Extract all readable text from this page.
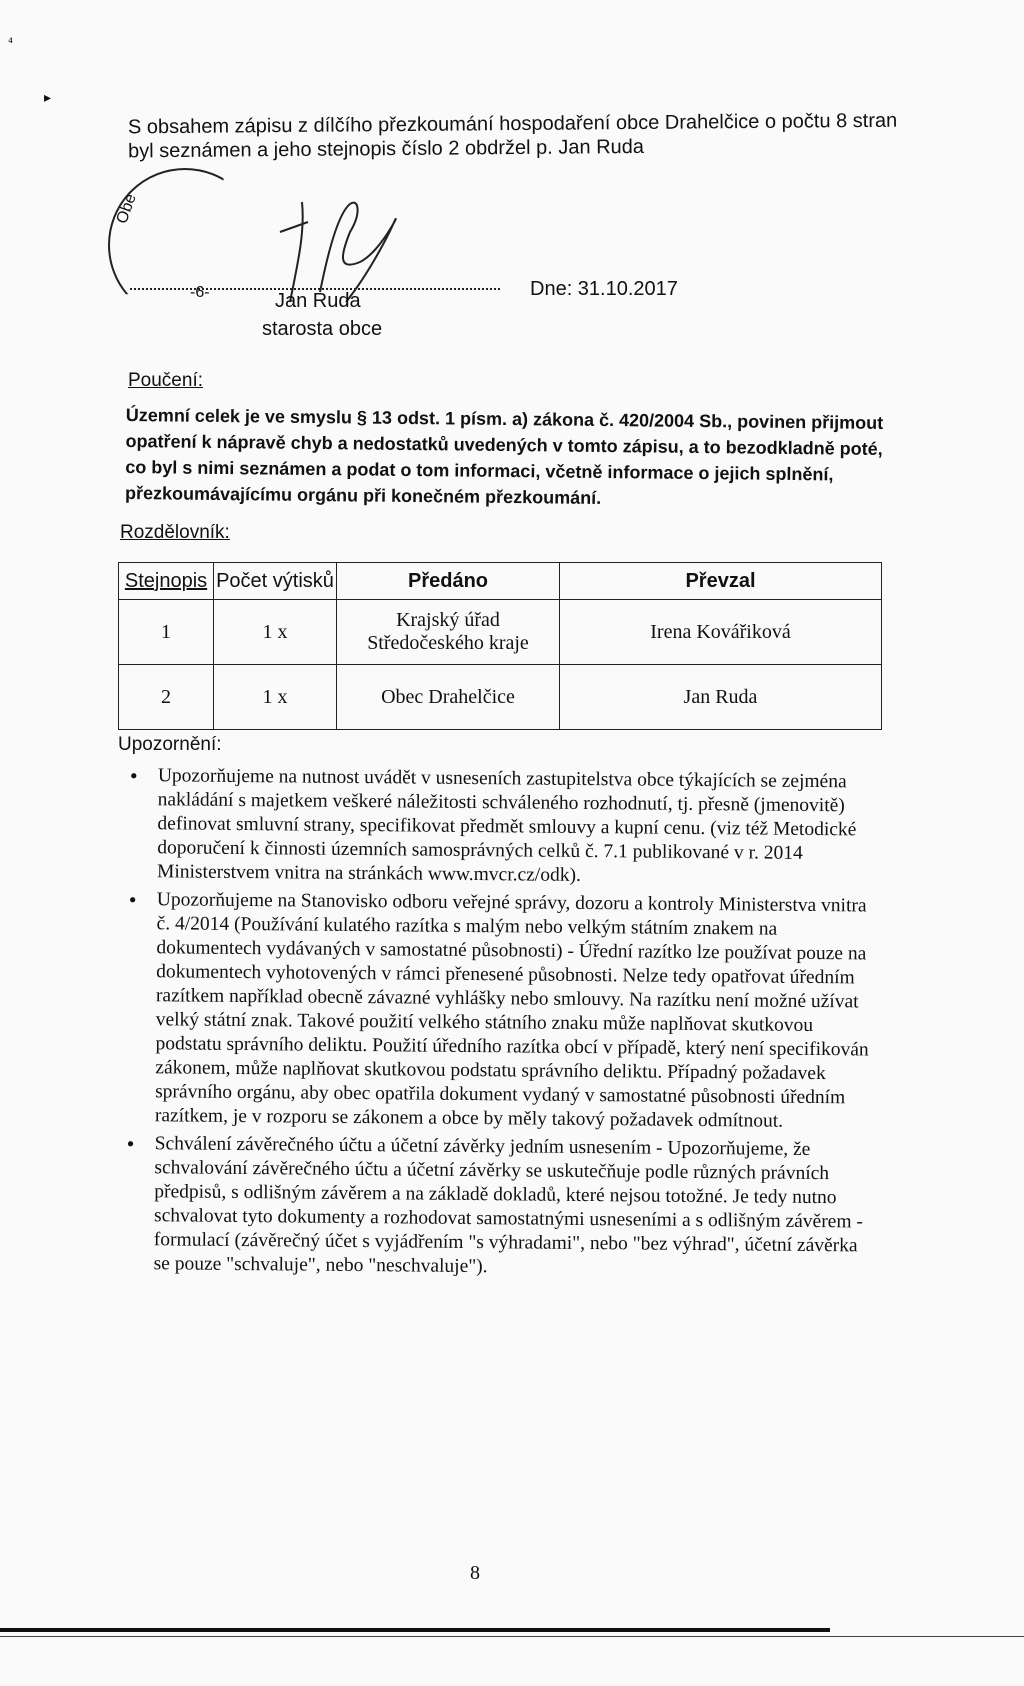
⁴
▸
S obsahem zápisu z dílčího přezkoumání hospodaření obce Drahelčice o počtu 8 stran byl seznámen a jeho stejnopis číslo 2 obdržel p. Jan Ruda
Obe
-6-	Jan Ruda
starosta obce
Dne: 31.10.2017
Poučení:
Územní celek je ve smyslu § 13 odst. 1 písm. a) zákona č. 420/2004 Sb., povinen přijmout opatření k nápravě chyb a nedostatků uvedených v tomto zápisu, a to bezodkladně poté, co byl s nimi seznámen a podat o tom informaci, včetně informace o jejich splnění, přezkoumávajícímu orgánu při konečném přezkoumání.
Rozdělovník:
Stejnopis	Počet výtisků	Předáno	Převzal
1	1 x	Krajský úřad Středočeského kraje	Irena Kovářiková
2	1 x	Obec Drahelčice	Jan Ruda
Upozornění:
• Upozorňujeme na nutnost uvádět v usneseních zastupitelstva obce týkajících se zejména nakládání s majetkem veškeré náležitosti schváleného rozhodnutí, tj. přesně (jmenovitě) definovat smluvní strany, specifikovat předmět smlouvy a kupní cenu. (viz též Metodické doporučení k činnosti územních samosprávných celků č. 7.1 publikované v r. 2014 Ministerstvem vnitra na stránkách www.mvcr.cz/odk).
• Upozorňujeme na Stanovisko odboru veřejné správy, dozoru a kontroly Ministerstva vnitra č. 4/2014 (Používání kulatého razítka s malým nebo velkým státním znakem na dokumentech vydávaných v samostatné působnosti) - Úřední razítko lze používat pouze na dokumentech vyhotovených v rámci přenesené působnosti. Nelze tedy opatřovat úředním razítkem například obecně závazné vyhlášky nebo smlouvy. Na razítku není možné užívat velký státní znak. Takové použití velkého státního znaku může naplňovat skutkovou podstatu správního deliktu. Použití úředního razítka obcí v případě, který není specifikován zákonem, může naplňovat skutkovou podstatu správního deliktu. Případný požadavek správního orgánu, aby obec opatřila dokument vydaný v samostatné působnosti úředním razítkem, je v rozporu se zákonem a obce by měly takový požadavek odmítnout.
• Schválení závěrečného účtu a účetní závěrky jedním usnesením - Upozorňujeme, že schvalování závěrečného účtu a účetní závěrky se uskutečňuje podle různých právních předpisů, s odlišným závěrem a na základě dokladů, které nejsou totožné. Je tedy nutno schvalovat tyto dokumenty a rozhodovat samostatnými usneseními a s odlišným závěrem - formulací (závěrečný účet s vyjádřením "s výhradami", nebo "bez výhrad", účetní závěrka se pouze "schvaluje", nebo "neschvaluje").
8
